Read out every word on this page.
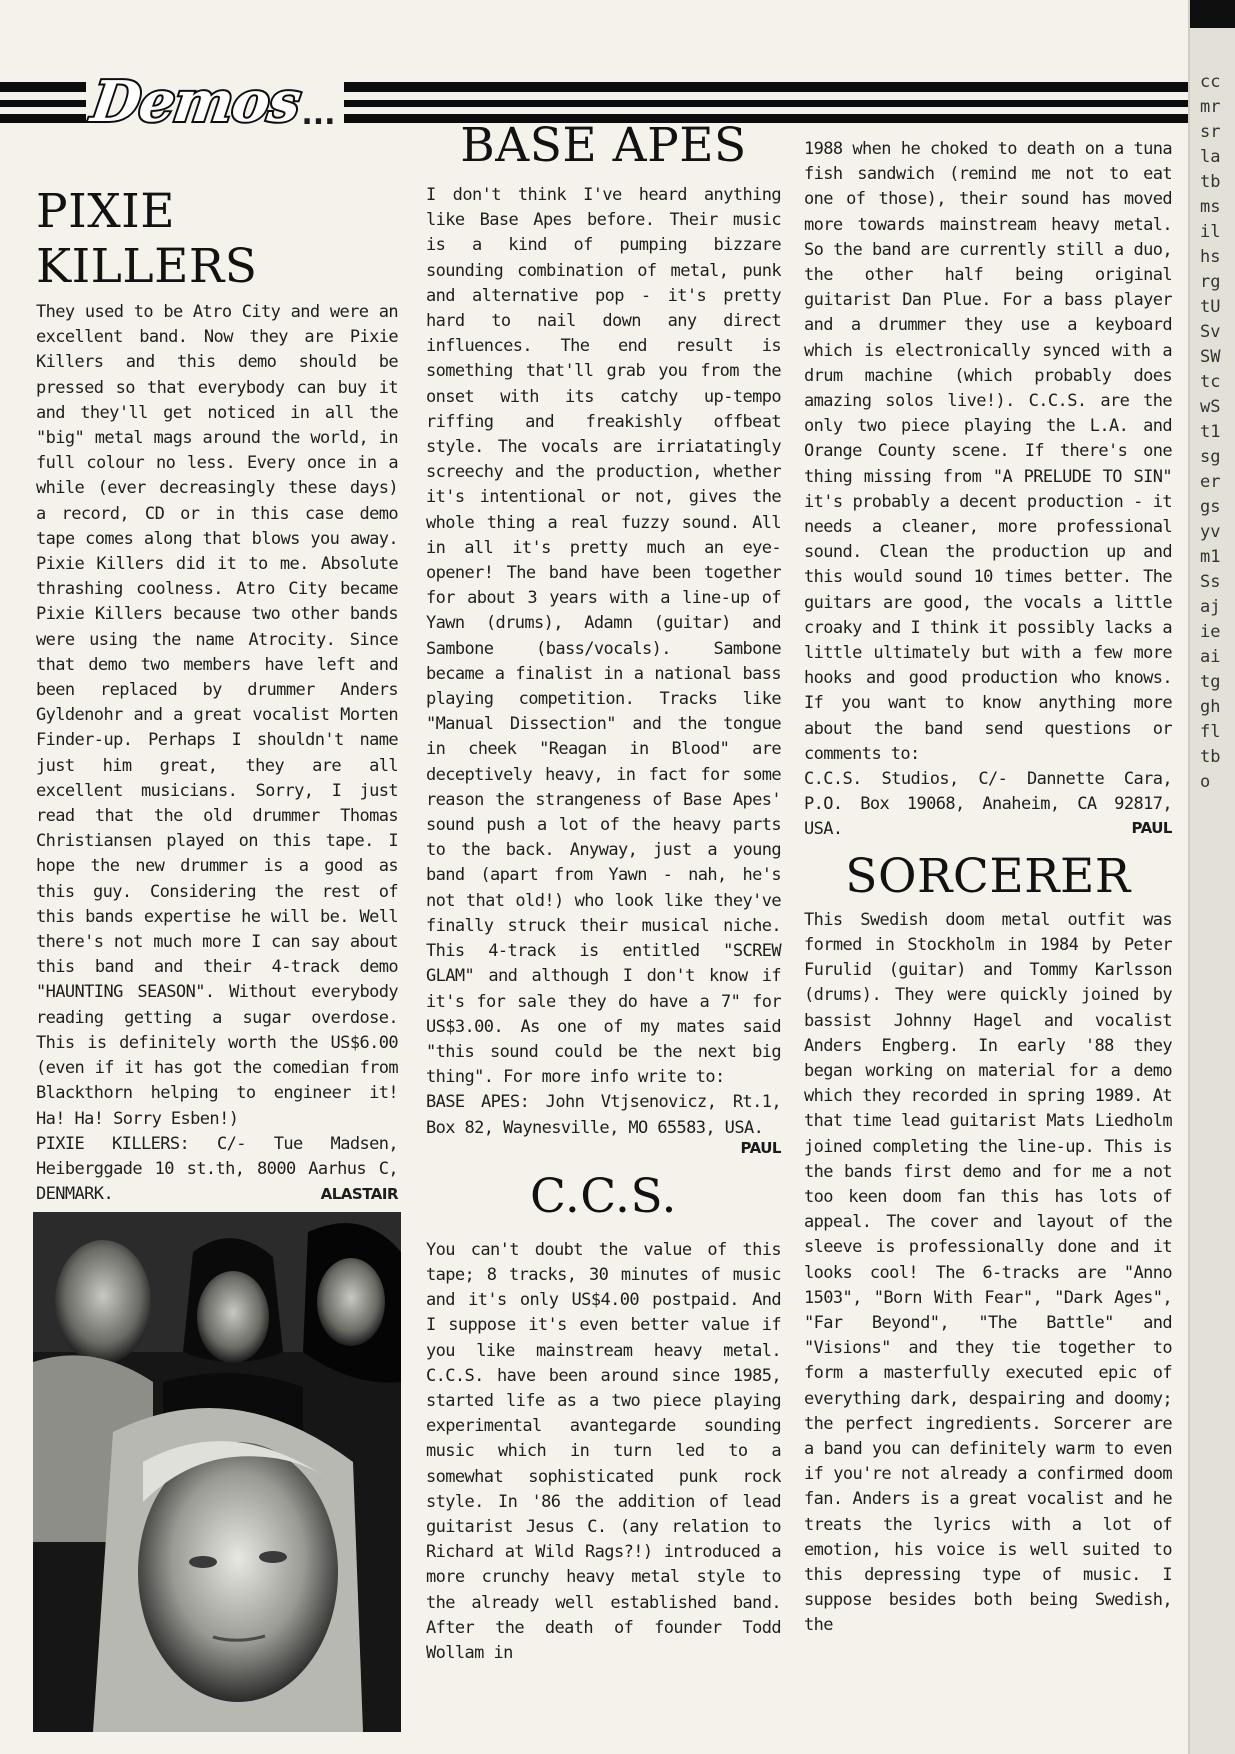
Demos
...
PIXIE KILLERS

They used to be Atro City and were an excellent band. Now they are Pixie Killers and this demo should be pressed so that everybody can buy it and they'll get noticed in all the "big" metal mags around the world, in full colour no less. Every once in a while (ever decreasingly these days) a record, CD or in this case demo tape comes along that blows you away. Pixie Killers did it to me. Absolute thrashing coolness. Atro City became Pixie Killers because two other bands were using the name Atrocity. Since that demo two members have left and been replaced by drummer Anders Gyldenohr and a great vocalist Morten Finder-up. Perhaps I shouldn't name just him great, they are all excellent musicians. Sorry, I just read that the old drummer Thomas Christiansen played on this tape. I hope the new drummer is a good as this guy. Considering the rest of this bands expertise he will be. Well there's not much more I can say about this band and their 4-track demo "HAUNTING SEASON". Without everybody reading getting a sugar overdose. This is definitely worth the US$6.00 (even if it has got the comedian from Blackthorn helping to engineer it! Ha! Ha! Sorry Esben!)

PIXIE KILLERS: C/- Tue Madsen, Heiberggade 10 st.th, 8000 Aarhus C, DENMARK.	ALASTAIR

BASE APES

I don't think I've heard anything like Base Apes before. Their music is a kind of pumping bizzare sounding combination of metal, punk and alternative pop - it's pretty hard to nail down any direct influences. The end result is something that'll grab you from the onset with its catchy up-tempo riffing and freakishly offbeat style. The vocals are irriatatingly screechy and the production, whether it's intentional or not, gives the whole thing a real fuzzy sound. All in all it's pretty much an eye-opener! The band have been together for about 3 years with a line-up of Yawn (drums), Adamn (guitar) and Sambone (bass/vocals). Sambone became a finalist in a national bass playing competition. Tracks like "Manual Dissection" and the tongue in cheek "Reagan in Blood" are deceptively heavy, in fact for some reason the strangeness of Base Apes' sound push a lot of the heavy parts to the back. Anyway, just a young band (apart from Yawn - nah, he's not that old!) who look like they've finally struck their musical niche. This 4-track is entitled "SCREW GLAM" and although I don't know if it's for sale they do have a 7" for US$3.00. As one of my mates said "this sound could be the next big thing". For more info write to:

BASE APES: John Vtjsenovicz, Rt.1, Box 82, Waynesville, MO 65583, USA.

PAUL
C.C.S.

You can't doubt the value of this tape; 8 tracks, 30 minutes of music and it's only US$4.00 postpaid. And I suppose it's even better value if you like mainstream heavy metal. C.C.S. have been around since 1985, started life as a two piece playing experimental avantegarde sounding music which in turn led to a somewhat sophisticated punk rock style. In '86 the addition of lead guitarist Jesus C. (any relation to Richard at Wild Rags?!) introduced a more crunchy heavy metal style to the already well established band. After the death of founder Todd Wollam in

1988 when he choked to death on a tuna fish sandwich (remind me not to eat one of those), their sound has moved more towards mainstream heavy metal. So the band are currently still a duo, the other half being original guitarist Dan Plue. For a bass player and a drummer they use a keyboard which is electronically synced with a drum machine (which probably does amazing solos live!). C.C.S. are the only two piece playing the L.A. and Orange County scene. If there's one thing missing from "A PRELUDE TO SIN" it's probably a decent production - it needs a cleaner, more professional sound. Clean the production up and this would sound 10 times better. The guitars are good, the vocals a little croaky and I think it possibly lacks a little ultimately but with a few more hooks and good production who knows. If you want to know anything more about the band send questions or comments to:

C.C.S. Studios, C/- Dannette Cara, P.O. Box 19068, Anaheim, CA 92817, USA.	PAUL
SORCERER

This Swedish doom metal outfit was formed in Stockholm in 1984 by Peter Furulid (guitar) and Tommy Karlsson (drums). They were quickly joined by bassist Johnny Hagel and vocalist Anders Engberg. In early '88 they began working on material for a demo which they recorded in spring 1989. At that time lead guitarist Mats Liedholm joined completing the line-up. This is the bands first demo and for me a not too keen doom fan this has lots of appeal. The cover and layout of the sleeve is professionally done and it looks cool! The 6-tracks are "Anno 1503", "Born With Fear", "Dark Ages", "Far Beyond", "The Battle" and "Visions" and they tie together to form a masterfully executed epic of everything dark, despairing and doomy; the perfect ingredients. Sorcerer are a band you can definitely warm to even if you're not already a confirmed doom fan. Anders is a great vocalist and he treats the lyrics with a lot of emotion, his voice is well suited to this depressing type of music. I suppose besides both being Swedish, the

ccmrsrlatbmsilhsrgtUSvSWtcwSt1sgergsyvm1Ssajieaitgghfltbo
